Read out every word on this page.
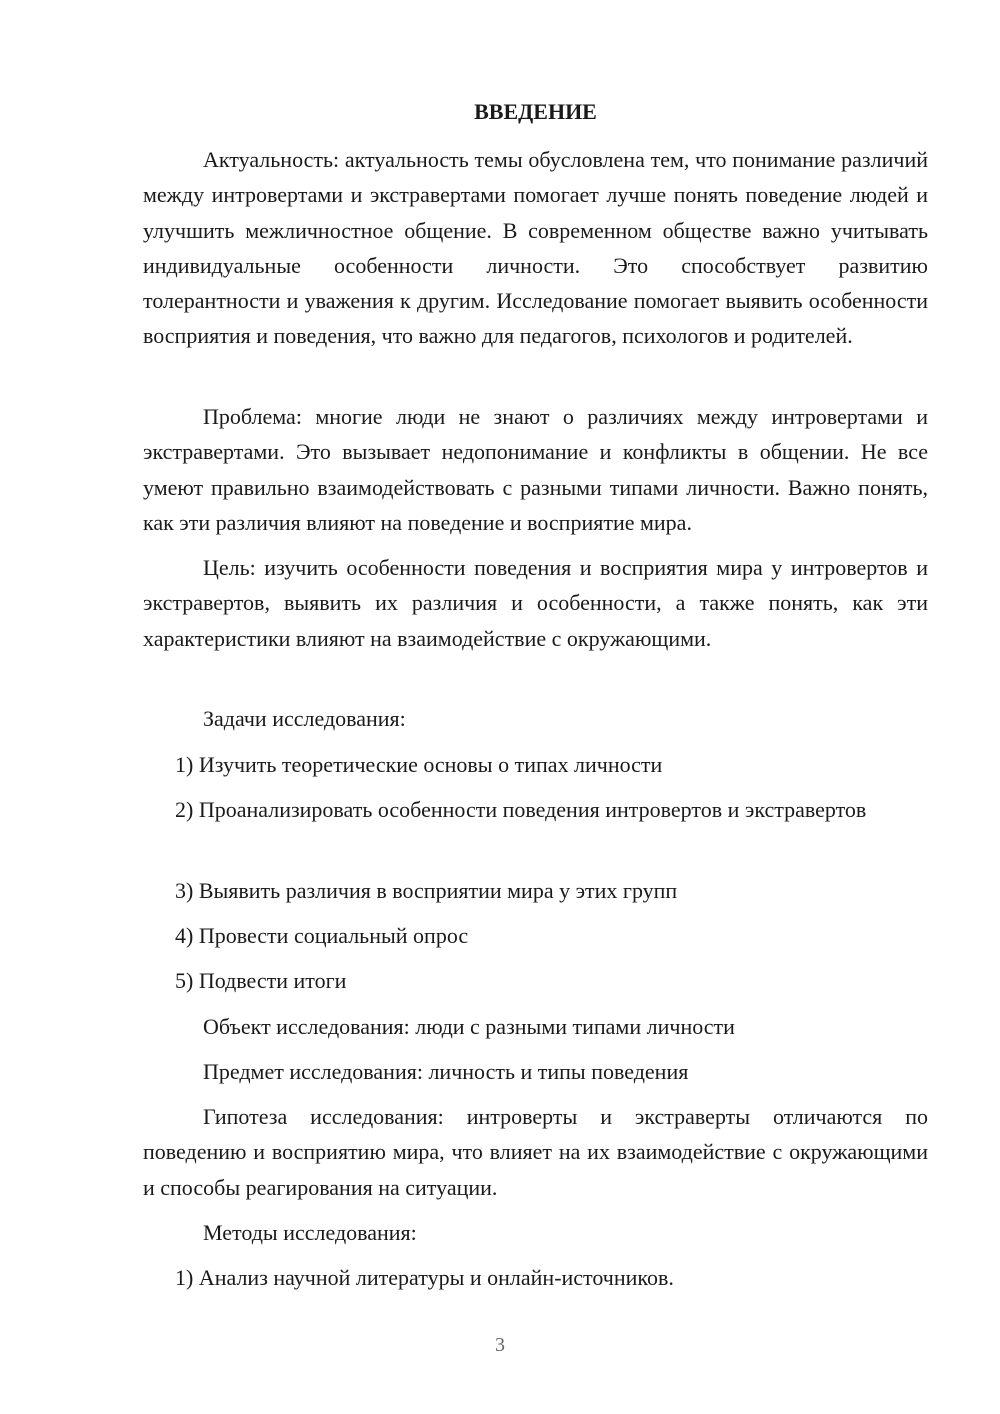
ВВЕДЕНИЕ

Актуальность: актуальность темы обусловлена тем, что понимание различий между интровертами и экстравертами помогает лучше понять поведение людей и улучшить межличностное общение. В современном обществе важно учитывать индивидуальные особенности личности. Это способствует развитию толерантности и уважения к другим. Исследование помогает выявить особенности восприятия и поведения, что важно для педагогов, психологов и родителей.

Проблема: многие люди не знают о различиях между интровертами и экстравертами. Это вызывает недопонимание и конфликты в общении. Не все умеют правильно взаимодействовать с разными типами личности. Важно понять, как эти различия влияют на поведение и восприятие мира.

Цель: изучить особенности поведения и восприятия мира у интровертов и экстравертов, выявить их различия и особенности, а также понять, как эти характеристики влияют на взаимодействие с окружающими.

Задачи исследования:

1) Изучить теоретические основы о типах личности

2) Проанализировать особенности поведения интровертов и экстравертов

3) Выявить различия в восприятии мира у этих групп

4) Провести социальный опрос

5) Подвести итоги

Объект исследования: люди с разными типами личности

Предмет исследования: личность и типы поведения

Гипотеза исследования: интроверты и экстраверты отличаются по поведению и восприятию мира, что влияет на их взаимодействие с окружающими и способы реагирования на ситуации.

Методы исследования:

1) Анализ научной литературы и онлайн-источников.

3
